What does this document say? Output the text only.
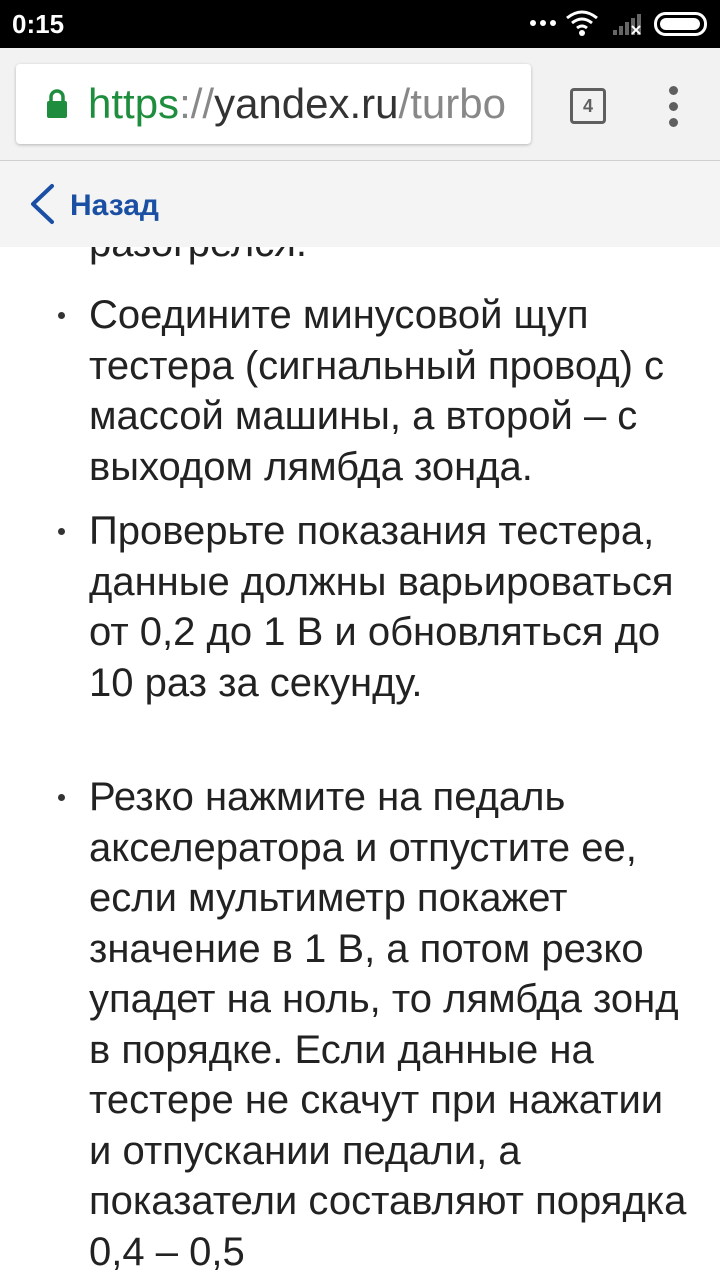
0:15
https://yandex.ru/turbo	4
Назад

Соедините минусовой щуп тестера (сигнальный провод) с массой машины, а второй – с выходом лямбда зонда.

Проверьте показания тестера, данные должны варьироваться от 0,2 до 1 В и обновляться до 10 раз за секунду.

Резко нажмите на педаль акселератора и отпустите ее, если мультиметр покажет значение в 1 В, а потом резко упадет на ноль, то лямбда зонд в порядке. Если данные на тестере не скачут при нажатии и отпускании педали, а показатели составляют порядка 0,4 – 0,5
